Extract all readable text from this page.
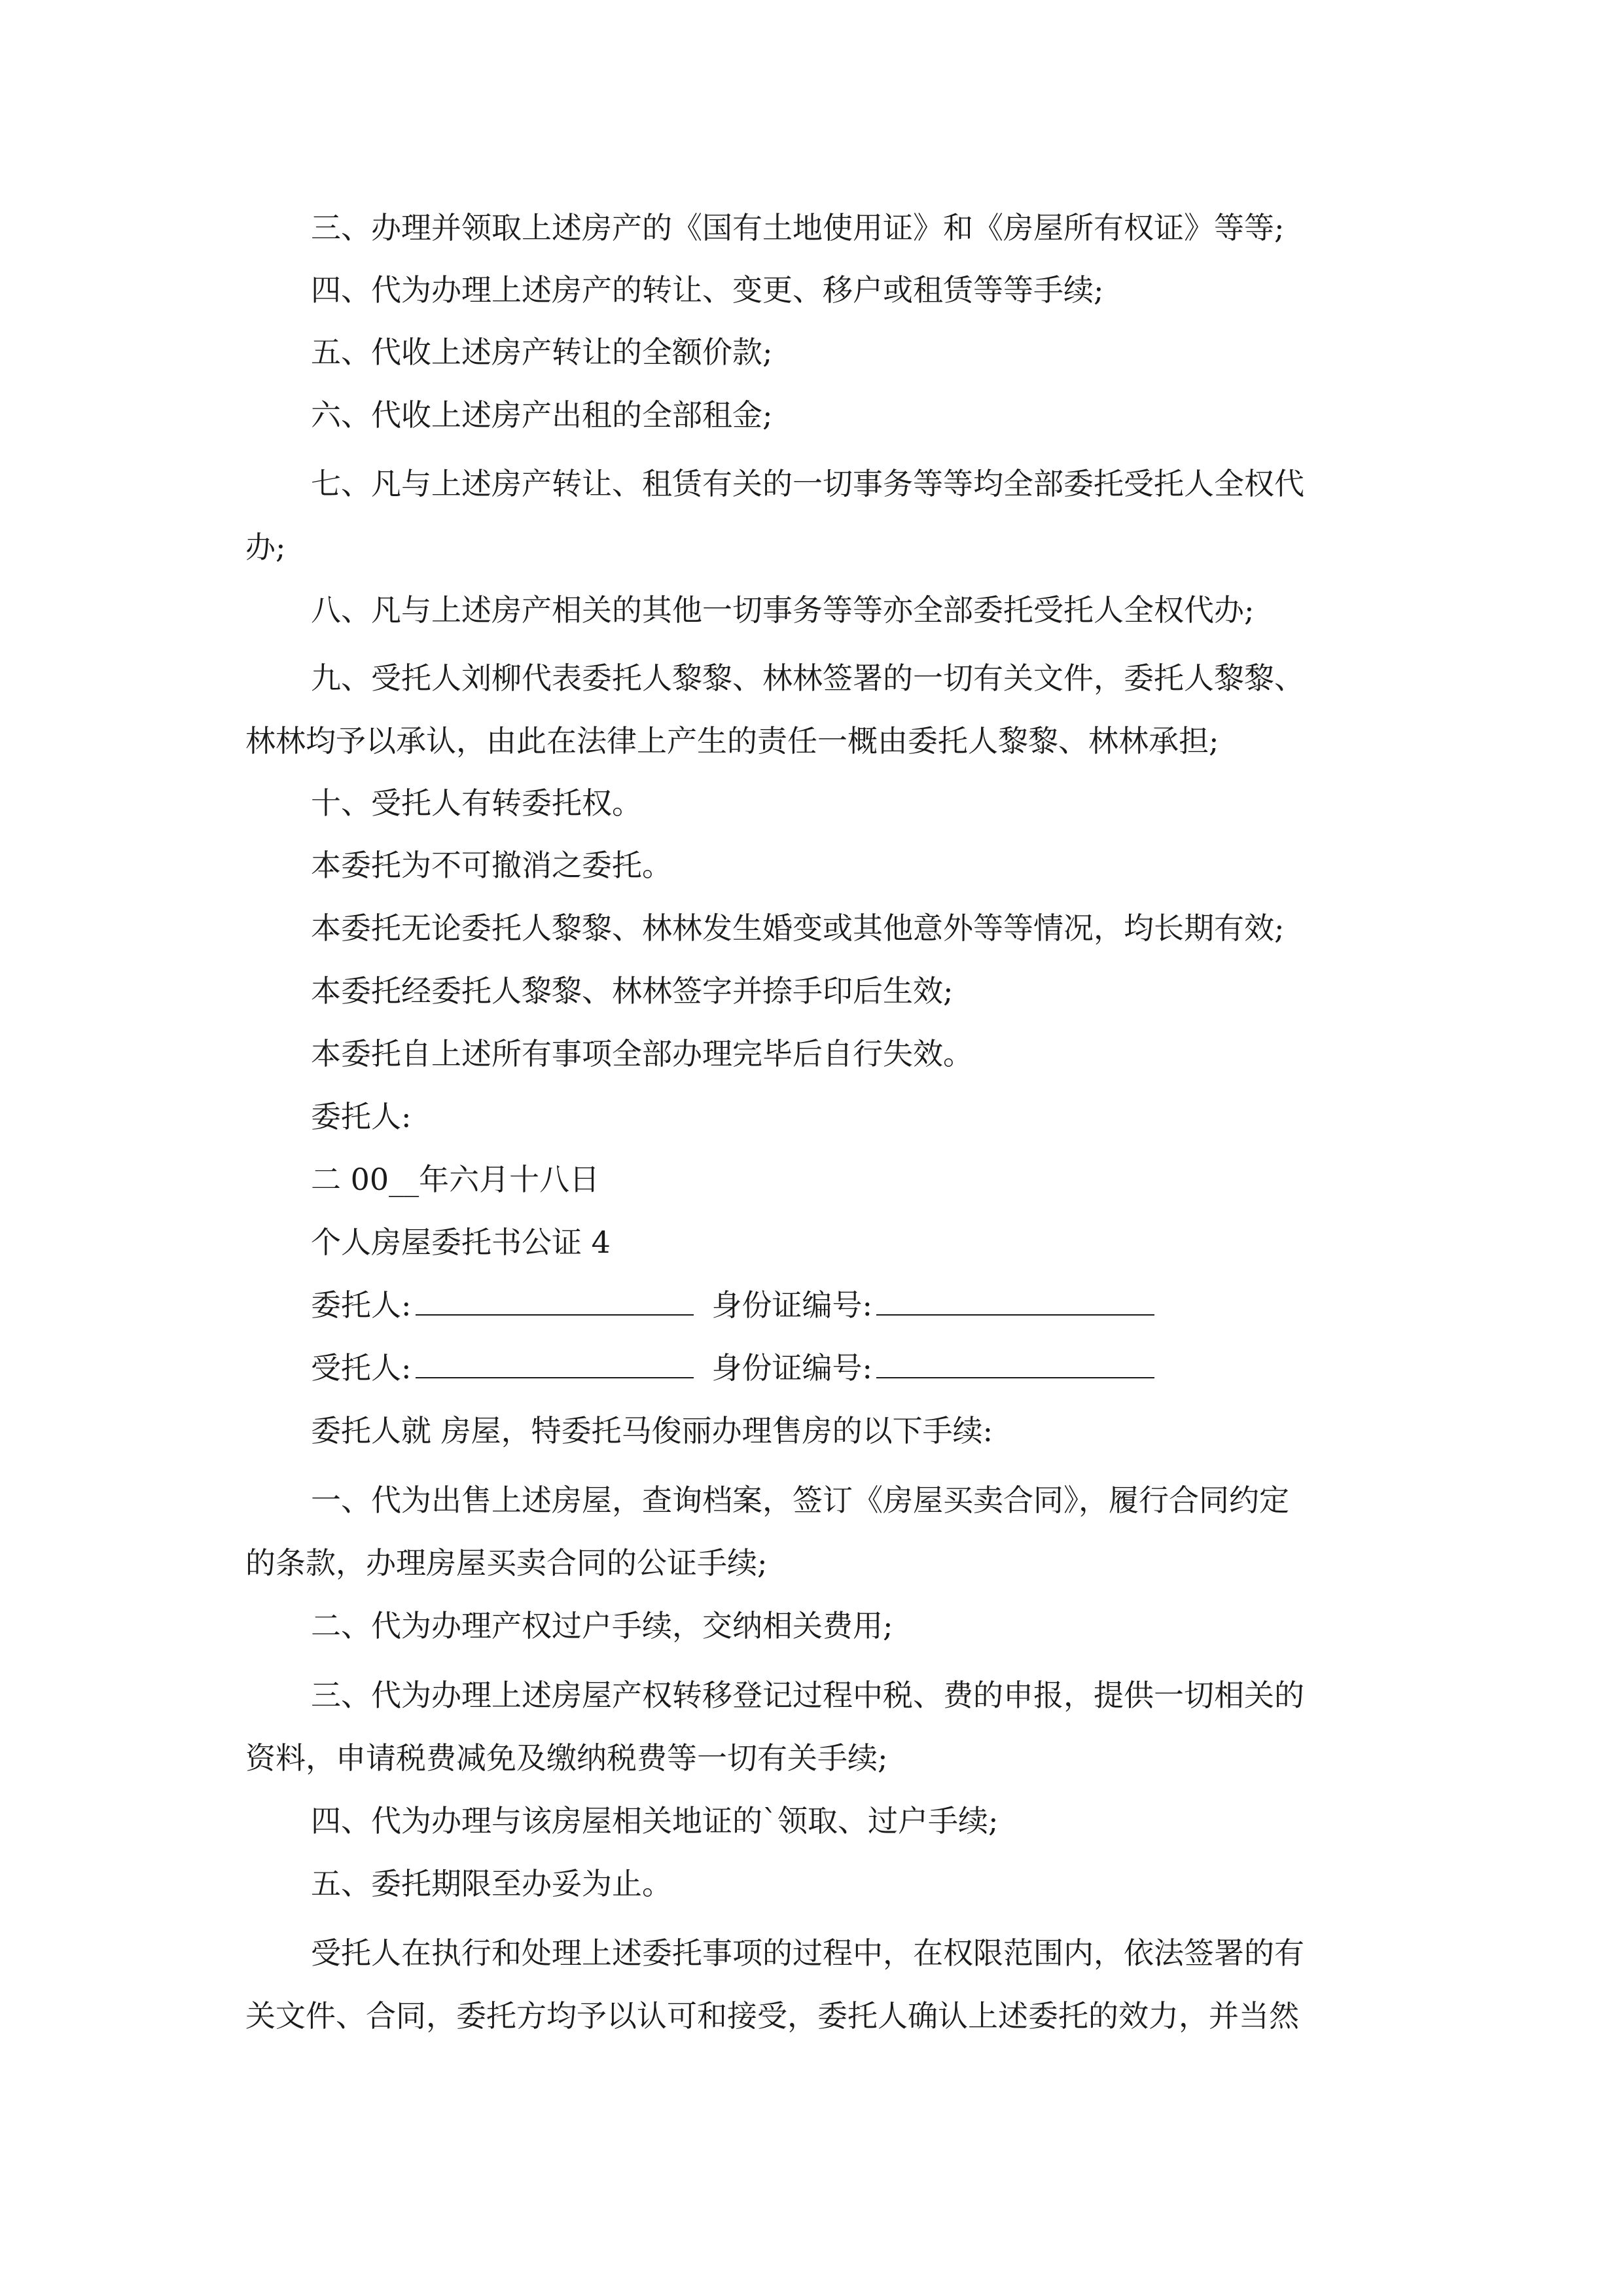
三、办理并领取上述房产的《国有土地使用证》和《房屋所有权证》等等;

四、代为办理上述房产的转让、变更、移户或租赁等等手续;

五、代收上述房产转让的全额价款;

六、代收上述房产出租的全部租金;

七、凡与上述房产转让、租赁有关的一切事务等等均全部委托受托人全权代

办;

八、凡与上述房产相关的其他一切事务等等亦全部委托受托人全权代办;

九、受托人刘柳代表委托人黎黎、林林签署的一切有关文件，委托人黎黎、

林林均予以承认，由此在法律上产生的责任一概由委托人黎黎、林林承担;

十、受托人有转委托权。

本委托为不可撤消之委托。

本委托无论委托人黎黎、林林发生婚变或其他意外等等情况，均长期有效;

本委托经委托人黎黎、林林签字并捺手印后生效;

本委托自上述所有事项全部办理完毕后自行失效。

委托人:

二 00__年六月十八日

个人房屋委托书公证 4

委托人:	身份证编号:
受托人:	身份证编号:

委托人就 房屋，特委托马俊丽办理售房的以下手续:

一、代为出售上述房屋，查询档案，签订《房屋买卖合同》，履行合同约定

的条款，办理房屋买卖合同的公证手续;

二、代为办理产权过户手续，交纳相关费用;

三、代为办理上述房屋产权转移登记过程中税、费的申报，提供一切相关的

资料，申请税费减免及缴纳税费等一切有关手续;

四、代为办理与该房屋相关地证的`领取、过户手续;

五、委托期限至办妥为止。

受托人在执行和处理上述委托事项的过程中，在权限范围内，依法签署的有

关文件、合同，委托方均予以认可和接受，委托人确认上述委托的效力，并当然
